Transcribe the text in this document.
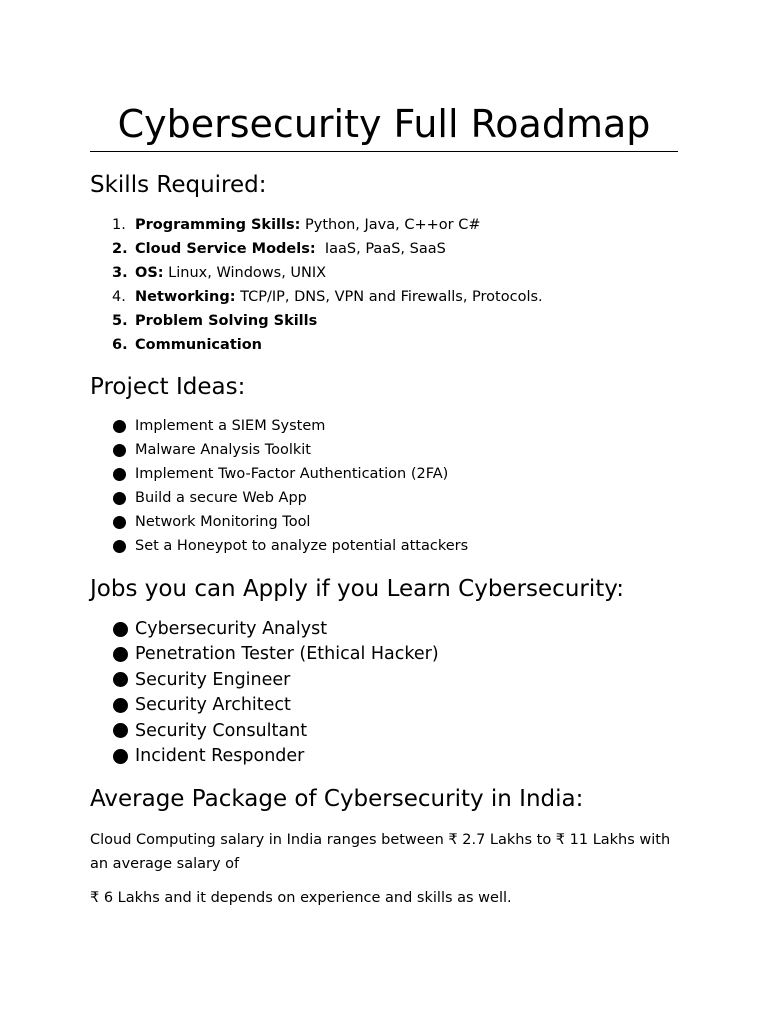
Cybersecurity Full Roadmap
Skills Required:
1. Programming Skills: Python, Java, C++or C#
2. Cloud Service Models:  IaaS, PaaS, SaaS
3. OS: Linux, Windows, UNIX
4. Networking: TCP/IP, DNS, VPN and Firewalls, Protocols.
5. Problem Solving Skills
6. Communication
Project Ideas:
Implement a SIEM System
Malware Analysis Toolkit
Implement Two-Factor Authentication (2FA)
Build a secure Web App
Network Monitoring Tool
Set a Honeypot to analyze potential attackers
Jobs you can Apply if you Learn Cybersecurity:
Cybersecurity Analyst
Penetration Tester (Ethical Hacker)
Security Engineer
Security Architect
Security Consultant
Incident Responder
Average Package of Cybersecurity in India:

Cloud Computing salary in India ranges between ₹ 2.7 Lakhs to ₹ 11 Lakhs with an average salary of

₹ 6 Lakhs and it depends on experience and skills as well.
